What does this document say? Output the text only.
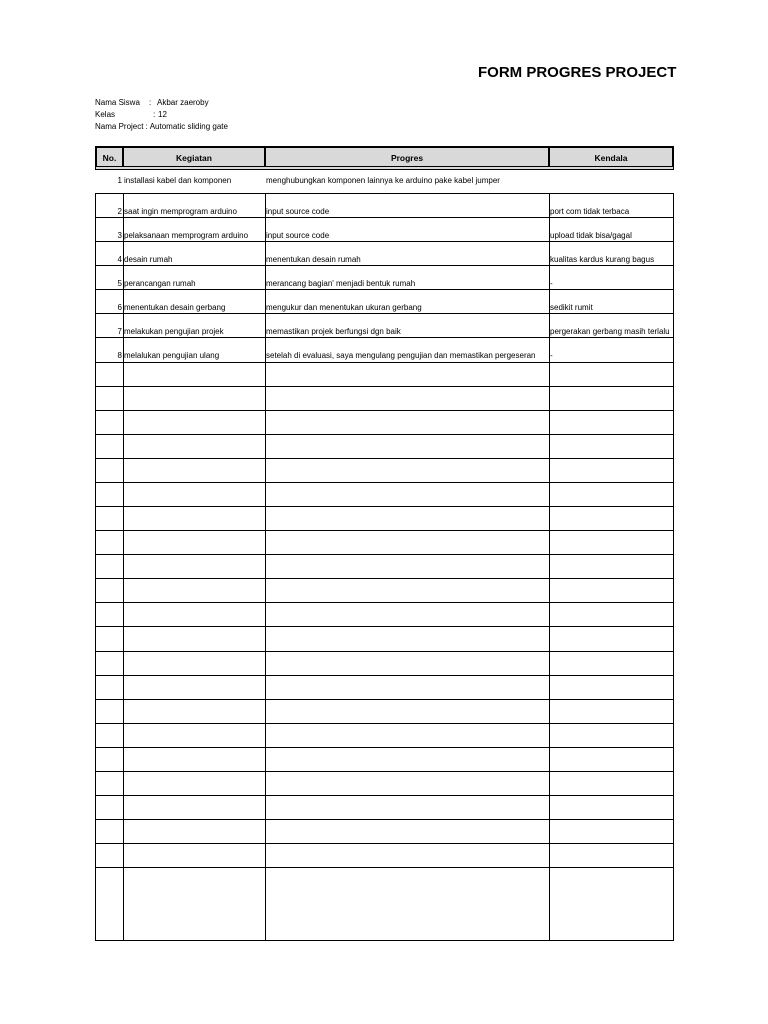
FORM PROGRES PROJECT
Nama Siswa : Akbar zaeroby
Kelas	: 12
Nama Project : Automatic sliding gate
No.	Kegiatan	Progres	Kendala
1 installasi kabel dan komponen	menghubungkan komponen lainnya ke arduino pake kabel jumper
2 saat ingin memprogram arduino	input source code	port com tidak terbaca
3 pelaksanaan memprogram arduino	input source code	upload tidak bisa/gagal
4 desain rumah	menentukan desain rumah	kualitas kardus kurang bagus
5 perancangan rumah	merancang bagian' menjadi bentuk rumah	-
6 menentukan desain gerbang	mengukur dan menentukan ukuran gerbang	sedikit rumit
7 melakukan pengujian projek	memastikan projek berfungsi dgn baik	pergerakan gerbang masih terlalu
8 melalukan pengujian ulang	setelah di evaluasi, saya mengulang pengujian dan memastikan pergeseran	-
